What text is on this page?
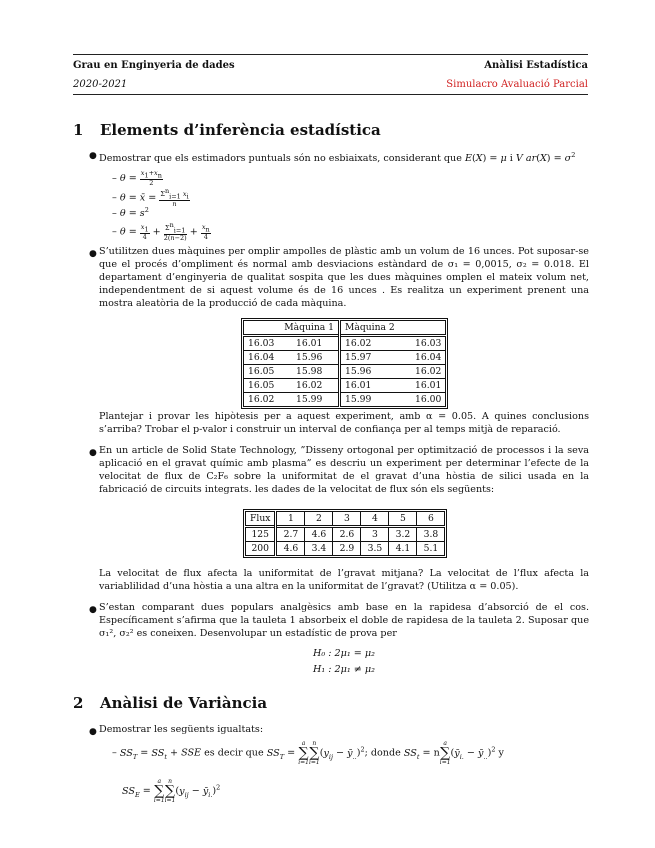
Grau en Enginyeria de dades	Anàlisi Estadística
2020-2021	Simulacro Avaluació Parcial
1 Elements d’inferència estadística
● Demostrar que els estimadors puntuals són no esbiaixats, considerant que E(X) = μ i V $ar(X) = \sigma^2$
– $\theta = \frac{x_1+x_n}{2}$
– θ = x̄ = $\frac{\Sigma^n_{i=1} x_i}{n}$
– $\theta = s^2$
– $\theta = \frac{x_1}{4} + \frac{\Sigma^n_{i=1}}{2(n-2)} + \frac{x_n}{4}$
● S’utilitzen dues màquines per omplir ampolles de plàstic amb un volum de 16 unces. Pot suposar-se que el procés d’ompliment és normal amb desviacions estàndard de σ₁ = 0,0015, σ₂ = 0.018. El departament d’enginyeria de qualitat sospita que les dues màquines omplen el mateix volum net, independentment de si aquest volume és de 16 unces . Es realitza un experiment prenent una mostra aleatòria de la producció de cada màquina.
Màquina 1		Màquina 2	
16.03	16.01	16.02	16.03
16.04	15.96	15.97	16.04
16.05	15.98	15.96	16.02
16.05	16.02	16.01	16.01
16.02	15.99	15.99	16.00
Plantejar i provar les hipòtesis per a aquest experiment, amb α = 0.05. A quines conclusions s’arriba? Trobar el p-valor i construir un interval de confiança per al temps mitjà de reparació.
● En un article de Solid State Technology, ”Disseny ortogonal per optimització de processos i la seva aplicació en el gravat químic amb plasma” es descriu un experiment per determinar l’efecte de la velocitat de flux de C₂F₆ sobre la uniformitat de el gravat d’una hòstia de silici usada en la fabricació de circuits integrats. les dades de la velocitat de flux són els següents:
Flux	1	2	3	4	5	6
125	2.7	4.6	2.6	3	3.2	3.8
200	4.6	3.4	2.9	3.5	4.1	5.1
La velocitat de flux afecta la uniformitat de l’gravat mitjana? La velocitat de l’flux afecta la variablilidad d’una hòstia a una altra en la uniformitat de l’gravat? (Utilitza α = 0.05).
● S’estan comparant dues populars analgèsics amb base en la rapidesa d’absorció de el cos. Específicament s’afirma que la tauleta 1 absorbeix el doble de rapidesa de la tauleta 2. Suposar que σ₁², σ₂² es coneixen. Desenvolupar un estadístic de prova per
H₀ : 2μ₁ = μ₂
H₁ : 2μ₁ ≠ μ₂
2 Anàlisi de Variància
● Demostrar les següents igualtats:
– $SS_T = SS_t$ + SSE es decir que $SS_T = a$
∑
i=1n
∑
$i=1(y_{ij}$ − $ȳ_{..})^2$; donde $SS_t$ = na
∑
$i=1(ȳ_{i.}$ − $ȳ_{..})^2$ y
$SS_E = a$
∑
i=1n
∑
$i=1(y_{ij}$ − $ȳ_{i.})^2$
